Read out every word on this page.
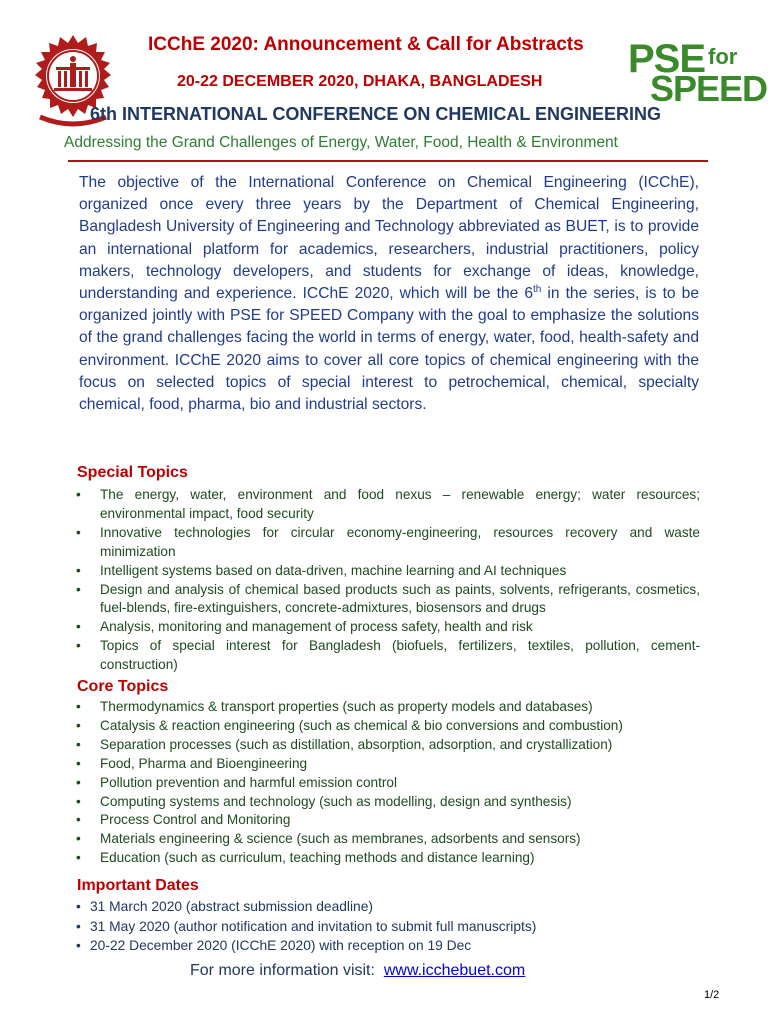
PSE for
SPEED
ICChE 2020: Announcement & Call for Abstracts
20-22 DECEMBER 2020, DHAKA, BANGLADESH
6th INTERNATIONAL CONFERENCE ON CHEMICAL ENGINEERING
Addressing the Grand Challenges of Energy, Water, Food, Health & Environment

The objective of the International Conference on Chemical Engineering (ICChE), organized once every three years by the Department of Chemical Engineering, Bangladesh University of Engineering and Technology abbreviated as BUET, is to provide an international platform for academics, researchers, industrial practitioners, policy makers, technology developers, and students for exchange of ideas, knowledge, understanding and experience. ICChE 2020, which will be the 6th in the series, is to be organized jointly with PSE for SPEED Company with the goal to emphasize the solutions of the grand challenges facing the world in terms of energy, water, food, health-safety and environment. ICChE 2020 aims to cover all core topics of chemical engineering with the focus on selected topics of special interest to petrochemical, chemical, specialty chemical, food, pharma, bio and industrial sectors.

Special Topics
• The energy, water, environment and food nexus – renewable energy; water resources; environmental impact, food security
• Innovative technologies for circular economy-engineering, resources recovery and waste minimization
• Intelligent systems based on data-driven, machine learning and AI techniques
• Design and analysis of chemical based products such as paints, solvents, refrigerants, cosmetics, fuel-blends, fire-extinguishers, concrete-admixtures, biosensors and drugs
• Analysis, monitoring and management of process safety, health and risk
• Topics of special interest for Bangladesh (biofuels, fertilizers, textiles, pollution, cement-construction)
Core Topics
• Thermodynamics & transport properties (such as property models and databases)
• Catalysis & reaction engineering (such as chemical & bio conversions and combustion)
• Separation processes (such as distillation, absorption, adsorption, and crystallization)
• Food, Pharma and Bioengineering
• Pollution prevention and harmful emission control
• Computing systems and technology (such as modelling, design and synthesis)
• Process Control and Monitoring
• Materials engineering & science (such as membranes, adsorbents and sensors)
• Education (such as curriculum, teaching methods and distance learning)
Important Dates
• 31 March 2020 (abstract submission deadline)
• 31 May 2020 (author notification and invitation to submit full manuscripts)
• 20-22 December 2020 (ICChE 2020) with reception on 19 Dec
For more information visit: www.icchebuet.com
1/2
